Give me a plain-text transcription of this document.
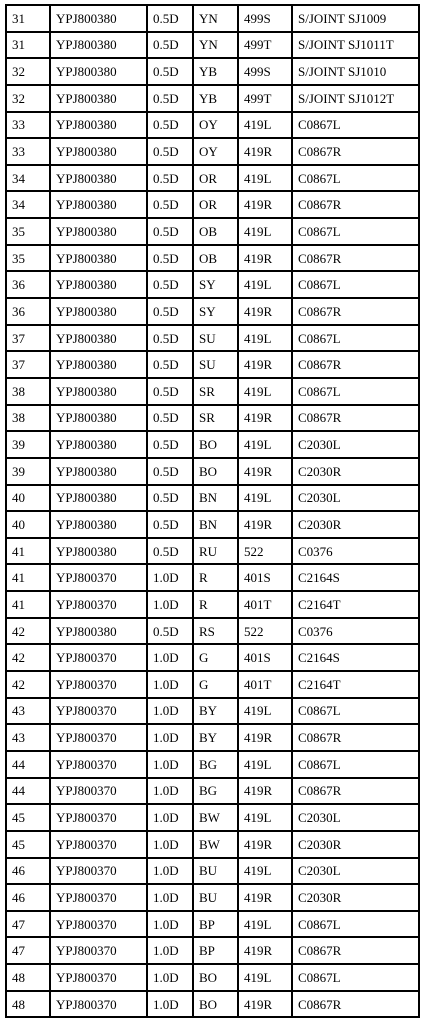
31	YPJ800380	0.5D	YN	499S	S/JOINT SJ1009
31	YPJ800380	0.5D	YN	499T	S/JOINT SJ1011T
32	YPJ800380	0.5D	YB	499S	S/JOINT SJ1010
32	YPJ800380	0.5D	YB	499T	S/JOINT SJ1012T
33	YPJ800380	0.5D	OY	419L	C0867L
33	YPJ800380	0.5D	OY	419R	C0867R
34	YPJ800380	0.5D	OR	419L	C0867L
34	YPJ800380	0.5D	OR	419R	C0867R
35	YPJ800380	0.5D	OB	419L	C0867L
35	YPJ800380	0.5D	OB	419R	C0867R
36	YPJ800380	0.5D	SY	419L	C0867L
36	YPJ800380	0.5D	SY	419R	C0867R
37	YPJ800380	0.5D	SU	419L	C0867L
37	YPJ800380	0.5D	SU	419R	C0867R
38	YPJ800380	0.5D	SR	419L	C0867L
38	YPJ800380	0.5D	SR	419R	C0867R
39	YPJ800380	0.5D	BO	419L	C2030L
39	YPJ800380	0.5D	BO	419R	C2030R
40	YPJ800380	0.5D	BN	419L	C2030L
40	YPJ800380	0.5D	BN	419R	C2030R
41	YPJ800380	0.5D	RU	522	C0376
41	YPJ800370	1.0D	R	401S	C2164S
41	YPJ800370	1.0D	R	401T	C2164T
42	YPJ800380	0.5D	RS	522	C0376
42	YPJ800370	1.0D	G	401S	C2164S
42	YPJ800370	1.0D	G	401T	C2164T
43	YPJ800370	1.0D	BY	419L	C0867L
43	YPJ800370	1.0D	BY	419R	C0867R
44	YPJ800370	1.0D	BG	419L	C0867L
44	YPJ800370	1.0D	BG	419R	C0867R
45	YPJ800370	1.0D	BW	419L	C2030L
45	YPJ800370	1.0D	BW	419R	C2030R
46	YPJ800370	1.0D	BU	419L	C2030L
46	YPJ800370	1.0D	BU	419R	C2030R
47	YPJ800370	1.0D	BP	419L	C0867L
47	YPJ800370	1.0D	BP	419R	C0867R
48	YPJ800370	1.0D	BO	419L	C0867L
48	YPJ800370	1.0D	BO	419R	C0867R
